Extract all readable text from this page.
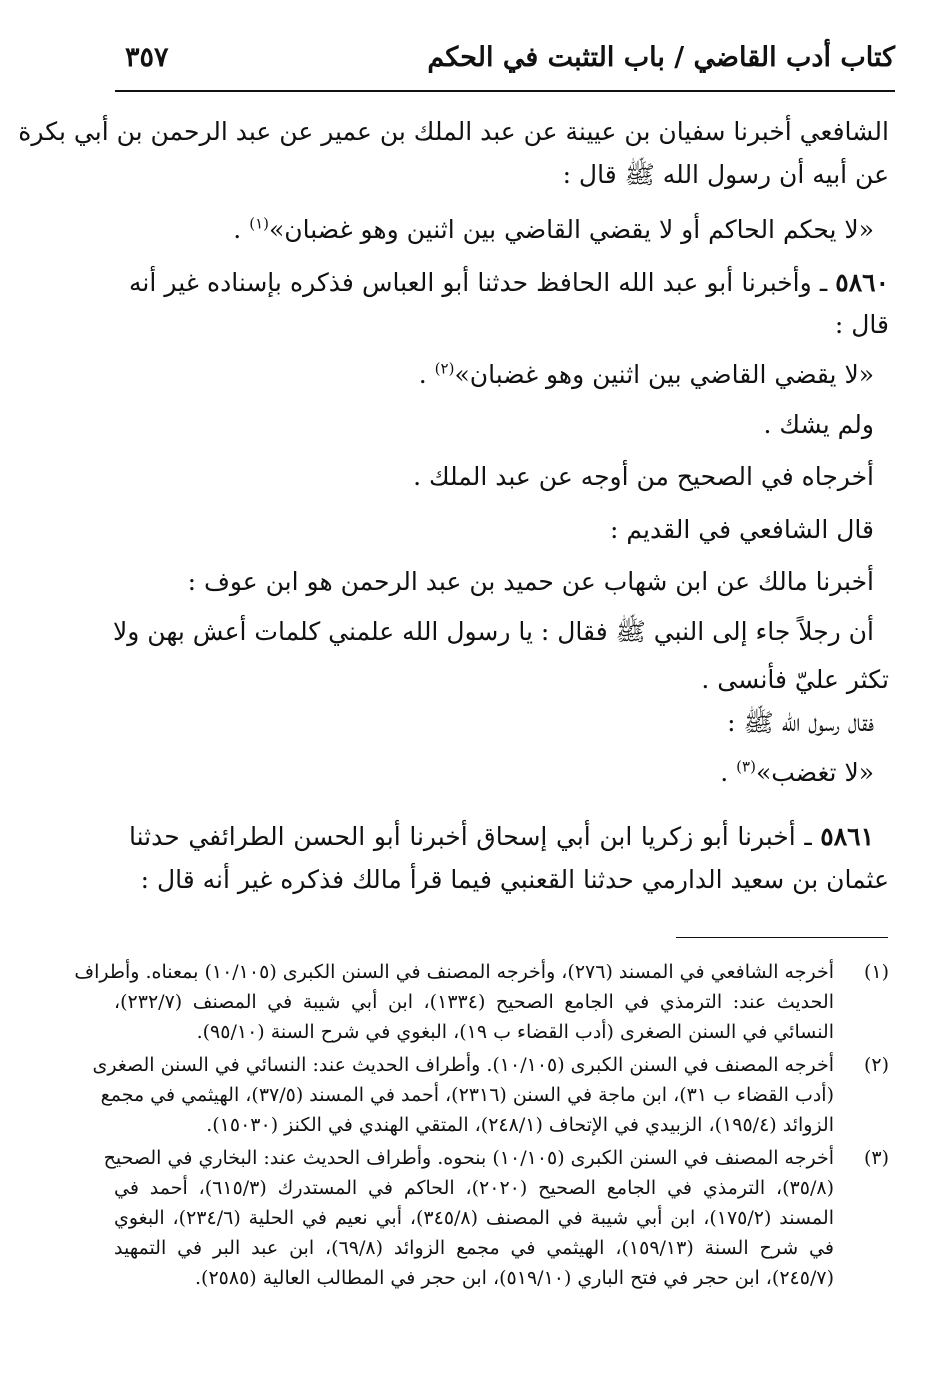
كتاب أدب القاضي / باب التثبت في الحكم
٣٥٧
الشافعي أخبرنا سفيان بن عيينة عن عبد الملك بن عمير عن عبد الرحمن بن أبي بكرة
عن أبيه أن رسول الله ﷺ قال :
«لا يحكم الحاكم أو لا يقضي القاضي بين اثنين وهو غضبان»$^{(١)}$ .
٥٨٦٠ ـ وأخبرنا أبو عبد الله الحافظ حدثنا أبو العباس فذكره بإسناده غير أنه
قال :
«لا يقضي القاضي بين اثنين وهو غضبان»$^{(٢)}$ .
ولم يشك .
أخرجاه في الصحيح من أوجه عن عبد الملك .
قال الشافعي في القديم :
أخبرنا مالك عن ابن شهاب عن حميد بن عبد الرحمن هو ابن عوف :
أن رجلاً جاء إلى النبي ﷺ فقال : يا رسول الله علمني كلمات أعش بهن ولا
تكثر عليّ فأنسى .
فقال رسول الله ﷺ :
«لا تغضب»$^{(٣)}$ .
٥٨٦١ ـ أخبرنا أبو زكريا ابن أبي إسحاق أخبرنا أبو الحسن الطرائفي حدثنا
عثمان بن سعيد الدارمي حدثنا القعنبي فيما قرأ مالك فذكره غير أنه قال :
(١)
أخرجه الشافعي في المسند (٢٧٦)، وأخرجه المصنف في السنن الكبرى (١٠/١٠٥) بمعناه. وأطراف
الحديث عند: الترمذي في الجامع الصحيح (١٣٣٤)، ابن أبي شيبة في المصنف (٢٣٢/٧)،
النسائي في السنن الصغرى (أدب القضاء ب ١٩)، البغوي في شرح السنة (٩٥/١٠).
(٢)
أخرجه المصنف في السنن الكبرى (١٠/١٠٥). وأطراف الحديث عند: النسائي في السنن الصغرى
(أدب القضاء ب ٣١)، ابن ماجة في السنن (٢٣١٦)، أحمد في المسند (٣٧/٥)، الهيثمي في مجمع
الزوائد (١٩٥/٤)، الزبيدي في الإتحاف (٢٤٨/١)، المتقي الهندي في الكنز (١٥٠٣٠).
(٣)
أخرجه المصنف في السنن الكبرى (١٠/١٠٥) بنحوه. وأطراف الحديث عند: البخاري في الصحيح
(٣٥/٨)، الترمذي في الجامع الصحيح (٢٠٢٠)، الحاكم في المستدرك (٦١٥/٣)، أحمد في
المسند (١٧٥/٢)، ابن أبي شيبة في المصنف (٣٤٥/٨)، أبي نعيم في الحلية (٢٣٤/٦)، البغوي
في شرح السنة (١٥٩/١٣)، الهيثمي في مجمع الزوائد (٦٩/٨)، ابن عبد البر في التمهيد
(٢٤٥/٧)، ابن حجر في فتح الباري (٥١٩/١٠)، ابن حجر في المطالب العالية (٢٥٨٥).
